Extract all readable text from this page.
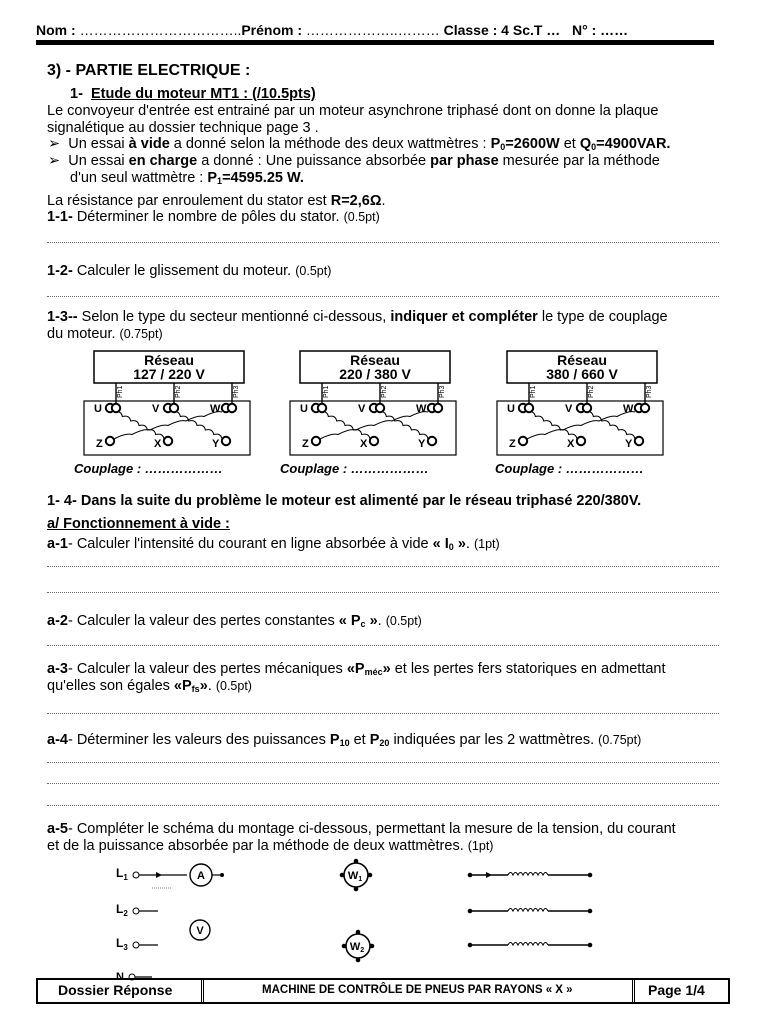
Nom : ……………………………..Prénom : ………………..……… Classe : 4 Sc.T … N° : ……
3) - PARTIE ELECTRIQUE :
1- Etude du moteur MT1 : (/10.5pts)
Le convoyeur d'entrée est entrainé par un moteur asynchrone triphasé dont on donne la plaque
signalétique au dossier technique page 3 .
➢ Un essai à vide a donné selon la méthode des deux wattmètres : $P_0=2600W$ et $Q_0=4900VAR$.
➢ Un essai en charge a donné : Une puissance absorbée par phase mesurée par la méthode
d'un seul wattmètre : $P_1=4595.25$ W.
La résistance par enroulement du stator est R=2,6Ω.
1-1- Déterminer le nombre de pôles du stator. (0.5pt)
1-2- Calculer le glissement du moteur. (0.5pt)
1-3-- Selon le type du secteur mentionné ci-dessous, indiquer et compléter le type de couplage
du moteur. (0.75pt)
Réseau
127 / 220 V
Ph1	Ph2	Ph3
U	V	W
Z	X	Y
Couplage : ………………
Réseau
220 / 380 V
Ph1	Ph2	Ph3
U	V	W
Z	X	Y
Couplage : ………………
Réseau
380 / 660 V
Ph1	Ph2	Ph3
U	V	W
Z	X	Y
Couplage : ………………
1- 4- Dans la suite du problème le moteur est alimenté par le réseau triphasé 220/380V.
a/ Fonctionnement à vide :
a-1- Calculer l'intensité du courant en ligne absorbée à vide « $I_0$ ». (1pt)
a-2- Calculer la valeur des pertes constantes « $P_c$ ». (0.5pt)
a-3- Calculer la valeur des pertes mécaniques «$P_{méc}$» et les pertes fers statoriques en admettant
qu'elles son égales «$P_{fs}$». (0.5pt)
a-4- Déterminer les valeurs des puissances $P_{10}$ et $P_{20}$ indiquées par les 2 wattmètres. (0.75pt)
a-5- Compléter le schéma du montage ci-dessous, permettant la mesure de la tension, du courant
et de la puissance absorbée par la méthode de deux wattmètres. (1pt)
$L_1$	A
$L_2$
V
$L_3$
N
W1
W2
Dossier Réponse	MACHINE DE CONTRÔLE DE PNEUS PAR RAYONS « X »	Page 1/4
